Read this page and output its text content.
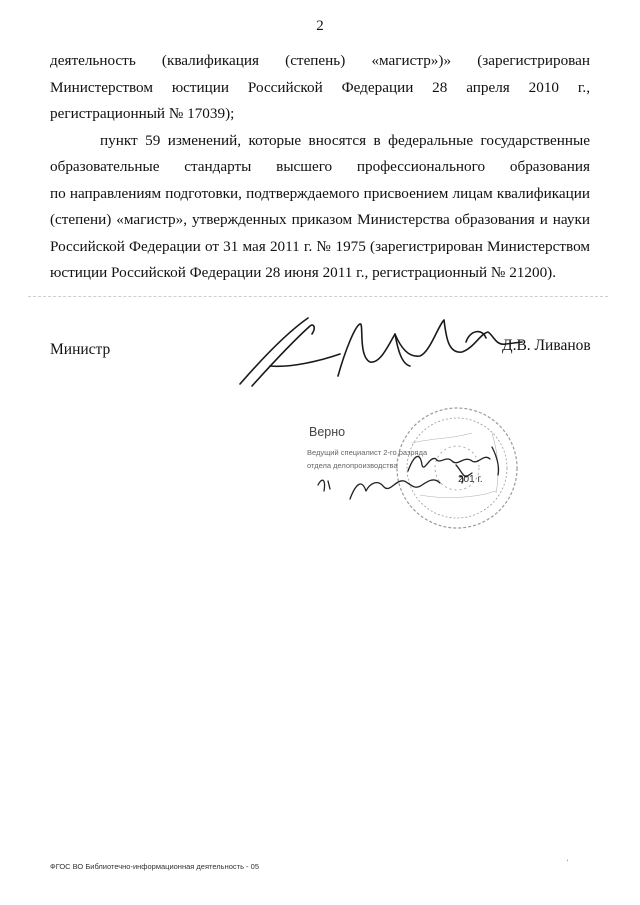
2

деятельность (квалификация (степень) «магистр»)» (зарегистрирован
Министерством юстиции Российской Федерации 28 апреля 2010 г.,
регистрационный № 17039);

пункт 59 изменений, которые вносятся в федеральные государственные
образовательные стандарты высшего профессионального образования
по направлениям подготовки, подтверждаемого присвоением лицам квалификации
(степени) «магистр», утвержденных приказом Министерства образования и науки
Российской Федерации от 31 мая 2011 г. № 1975 (зарегистрирован Министерством
юстиции Российской Федерации 28 июня 2011 г., регистрационный № 21200).

Министр	Д.В. Ливанов
Верно
Ведущий специалист 2-го разряда
отдела делопроизводства
201 г.
ФГОС ВО Библиотечно-информационная деятельность - 05	'
